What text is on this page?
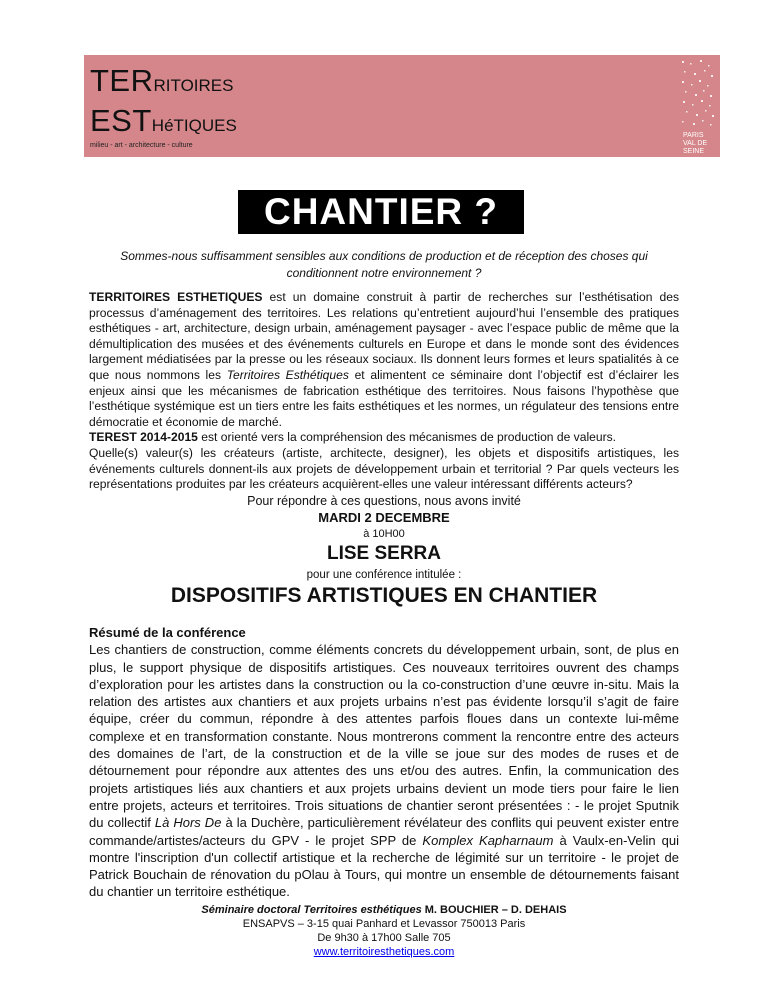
TERRITOIRES
ESTHéTIQUES
milieu - art - architecture - culture
PARIS
VAL DE
SEINE
CHANTIER ?
Sommes-nous suffisamment sensibles aux conditions de production et de réception des choses qui conditionnent notre environnement ?
TERRITOIRES ESTHETIQUES est un domaine construit à partir de recherches sur l’esthétisation des processus d’aménagement des territoires. Les relations qu’entretient aujourd’hui l’ensemble des pratiques esthétiques - art, architecture, design urbain, aménagement paysager - avec l’espace public de même que la démultiplication des musées et des événements culturels en Europe et dans le monde sont des évidences largement médiatisées par la presse ou les réseaux sociaux. Ils donnent leurs formes et leurs spatialités à ce que nous nommons les Territoires Esthétiques et alimentent ce séminaire dont l’objectif est d’éclairer les enjeux ainsi que les mécanismes de fabrication esthétique des territoires. Nous faisons l’hypothèse que l’esthétique systémique est un tiers entre les faits esthétiques et les normes, un régulateur des tensions entre démocratie et économie de marché.
TEREST 2014-2015 est orienté vers la compréhension des mécanismes de production de valeurs.
Quelle(s) valeur(s) les créateurs (artiste, architecte, designer), les objets et dispositifs artistiques, les événements culturels donnent-ils aux projets de développement urbain et territorial ? Par quels vecteurs les représentations produites par les créateurs acquièrent-elles une valeur intéressant différents acteurs?
Pour répondre à ces questions, nous avons invité
MARDI 2 DECEMBRE
à 10H00
LISE SERRA
pour une conférence intitulée :
DISPOSITIFS ARTISTIQUES EN CHANTIER
Résumé de la conférence
Les chantiers de construction, comme éléments concrets du développement urbain, sont, de plus en plus, le support physique de dispositifs artistiques. Ces nouveaux territoires ouvrent des champs d’exploration pour les artistes dans la construction ou la co-construction d’une œuvre in-situ. Mais la relation des artistes aux chantiers et aux projets urbains n’est pas évidente lorsqu’il s’agit de faire équipe, créer du commun, répondre à des attentes parfois floues dans un contexte lui-même complexe et en transformation constante. Nous montrerons comment la rencontre entre des acteurs des domaines de l’art, de la construction et de la ville se joue sur des modes de ruses et de détournement pour répondre aux attentes des uns et/ou des autres. Enfin, la communication des projets artistiques liés aux chantiers et aux projets urbains devient un mode tiers pour faire le lien entre projets, acteurs et territoires. Trois situations de chantier seront présentées : - le projet Sputnik du collectif Là Hors De à la Duchère, particulièrement révélateur des conflits qui peuvent exister entre commande/artistes/acteurs du GPV - le projet SPP de Komplex Kapharnaum à Vaulx-en-Velin qui montre l'inscription d'un collectif artistique et la recherche de légimité sur un territoire - le projet de Patrick Bouchain de rénovation du pOlau à Tours, qui montre un ensemble de détournements faisant du chantier un territoire esthétique.
Séminaire doctoral Territoires esthétiques M. BOUCHIER – D. DEHAIS
ENSAPVS – 3-15 quai Panhard et Levassor 750013 Paris
De 9h30 à 17h00 Salle 705
www.territoiresthetiques.com
